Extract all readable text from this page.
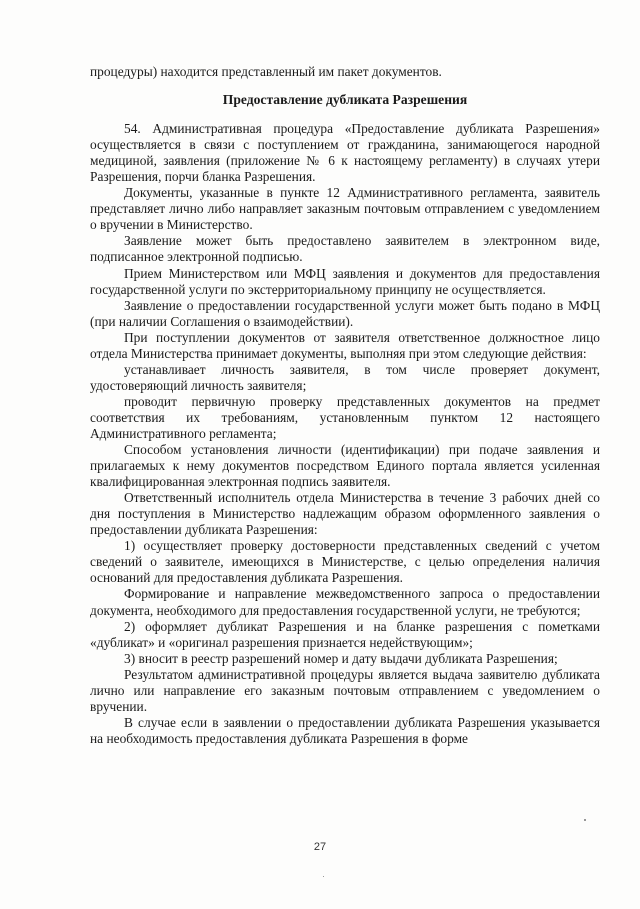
процедуры) находится представленный им пакет документов.

Предоставление дубликата Разрешения

54. Административная процедура «Предоставление дубликата Разрешения» осуществляется в связи с поступлением от гражданина, занимающегося народной медициной, заявления (приложение № 6 к настоящему регламенту) в случаях утери Разрешения, порчи бланка Разрешения.

Документы, указанные в пункте 12 Административного регламента, заявитель представляет лично либо направляет заказным почтовым отправлением с уведомлением о вручении в Министерство.

Заявление может быть предоставлено заявителем в электронном виде, подписанное электронной подписью.

Прием Министерством или МФЦ заявления и документов для предоставления государственной услуги по экстерриториальному принципу не осуществляется.

Заявление о предоставлении государственной услуги может быть подано в МФЦ (при наличии Соглашения о взаимодействии).

При поступлении документов от заявителя ответственное должностное лицо отдела Министерства принимает документы, выполняя при этом следующие действия:

устанавливает личность заявителя, в том числе проверяет документ, удостоверяющий личность заявителя;

проводит первичную проверку представленных документов на предмет соответствия их требованиям, установленным пунктом 12 настоящего Административного регламента;

Способом установления личности (идентификации) при подаче заявления и прилагаемых к нему документов посредством Единого портала является усиленная квалифицированная электронная подпись заявителя.

Ответственный исполнитель отдела Министерства в течение 3 рабочих дней со дня поступления в Министерство надлежащим образом оформленного заявления о предоставлении дубликата Разрешения:

1) осуществляет проверку достоверности представленных сведений с учетом сведений о заявителе, имеющихся в Министерстве, с целью определения наличия оснований для предоставления дубликата Разрешения.

Формирование и направление межведомственного запроса о предоставлении документа, необходимого для предоставления государственной услуги, не требуются;

2) оформляет дубликат Разрешения и на бланке разрешения с пометками «дубликат» и «оригинал разрешения признается недействующим»;

3) вносит в реестр разрешений номер и дату выдачи дубликата Разрешения;

Результатом административной процедуры является выдача заявителю дубликата лично или направление его заказным почтовым отправлением с уведомлением о вручении.

В случае если в заявлении о предоставлении дубликата Разрешения указывается на необходимость предоставления дубликата Разрешения в форме

27
